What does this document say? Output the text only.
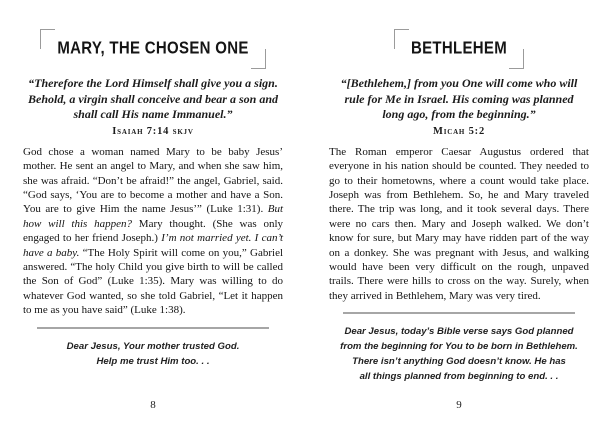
MARY, THE CHOSEN ONE
“Therefore the Lord Himself shall give you a sign. Behold, a virgin shall conceive and bear a son and shall call His name Immanuel.”
Isaiah 7:14 skjv
God chose a woman named Mary to be baby Jesus’ mother. He sent an angel to Mary, and when she saw him, she was afraid. “Don’t be afraid!” the angel, Gabriel, said. “God says, ‘You are to become a mother and have a Son. You are to give Him the name Jesus’” (Luke 1:31). But how will this happen? Mary thought. (She was only engaged to her friend Joseph.) I’m not married yet. I can’t have a baby. “The Holy Spirit will come on you,” Gabriel answered. “The holy Child you give birth to will be called the Son of God” (Luke 1:35). Mary was willing to do whatever God wanted, so she told Gabriel, “Let it happen to me as you have said” (Luke 1:38).
Dear Jesus, Your mother trusted God.
Help me trust Him too. . .
8
BETHLEHEM
“[Bethlehem,] from you One will come who will rule for Me in Israel. His coming was planned long ago, from the beginning.”
Micah 5:2
The Roman emperor Caesar Augustus ordered that everyone in his nation should be counted. They needed to go to their hometowns, where a count would take place. Joseph was from Bethlehem. So, he and Mary traveled there. The trip was long, and it took several days. There were no cars then. Mary and Joseph walked. We don’t know for sure, but Mary may have ridden part of the way on a donkey. She was pregnant with Jesus, and walking would have been very difficult on the rough, unpaved trails. There were hills to cross on the way. Surely, when they arrived in Bethlehem, Mary was very tired.
Dear Jesus, today’s Bible verse says God planned
from the beginning for You to be born in Bethlehem.
There isn’t anything God doesn’t know. He has
all things planned from beginning to end. . .
9
